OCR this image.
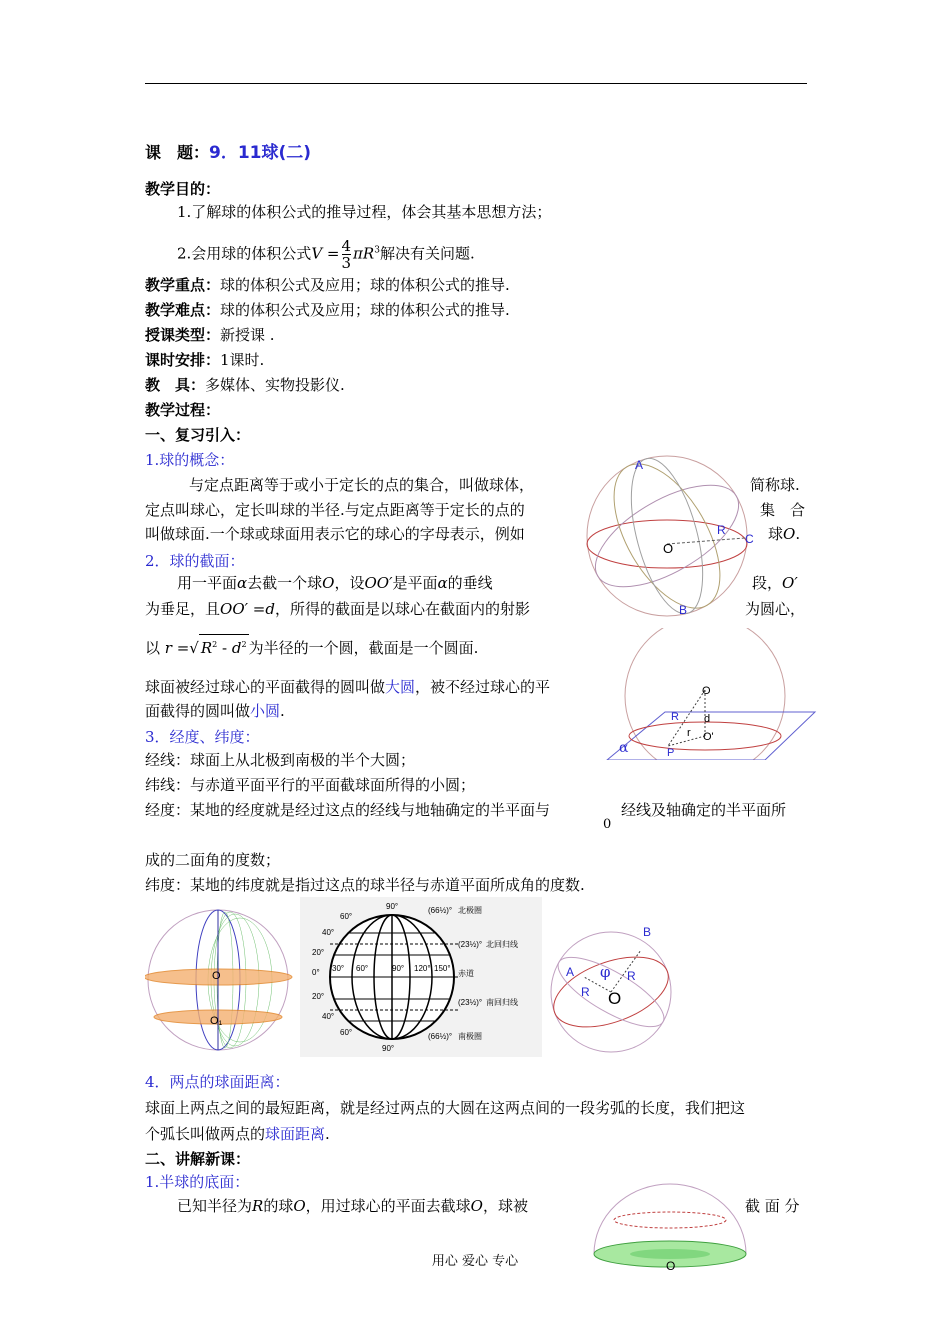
课　题：9．11球(二)
教学目的：
1.了解球的体积公式的推导过程，体会其基本思想方法；
2.会用球的体积公式$V = \frac{4}{3} \pi R^3$解决有关问题.
教学重点：球的体积公式及应用；球的体积公式的推导.
教学难点：球的体积公式及应用；球的体积公式的推导.
授课类型：新授课 .
课时安排：1课时.
教　具：多媒体、实物投影仪.
教学过程：
一、复习引入：
1.球的概念：
与定点距离等于或小于定长的点的集合，叫做球体，	简称球.
定点叫球心，定长叫球的半径.与定点距离等于定长的点的	集　合
叫做球面.一个球或球面用表示它的球心的字母表示，例如	球O.
2．球的截面：
用一平面α去截一个球O，设OO′是平面α的垂线	段，O′
为垂足，且OO′ =d，所得的截面是以球心在截面内的射影	为圆心，
以 r =√ $R^2 - d^2$ 为半径的一个圆，截面是一个圆面.
球面被经过球心的平面截得的圆叫做大圆，被不经过球心的平
面截得的圆叫做小圆.
3．经度、纬度：
经线：球面上从北极到南极的半个大圆；
纬线：与赤道平面平行的平面截球面所得的小圆；
经度：某地的经度就是经过这点的经线与地轴确定的半平面与
0
经线及轴确定的半平面所
成的二面角的度数；
纬度：某地的纬度就是指过这点的球半径与赤道平面所成角的度数.
4．两点的球面距离：
球面上两点之间的最短距离，就是经过两点的大圆在这两点间的一段劣弧的长度，我们把这
个弧长叫做两点的球面距离.
二、讲解新课：
1.半球的底面：
已知半径为R的球O，用过球心的平面去截球O，球被	截 面 分
A
R
C
O
B
O
R d
r O'
P
α
O
O₁
90°
60°
40°
20°
0°
20°
40°
60°
90°
30° 60°	90° 120° 150°
(66½)° 北极圈
(23½)° 北回归线
赤道
(23½)° 南回归线
(66½)° 南极圈
B
A φ
R
R
O
O
用心 爱心 专心
